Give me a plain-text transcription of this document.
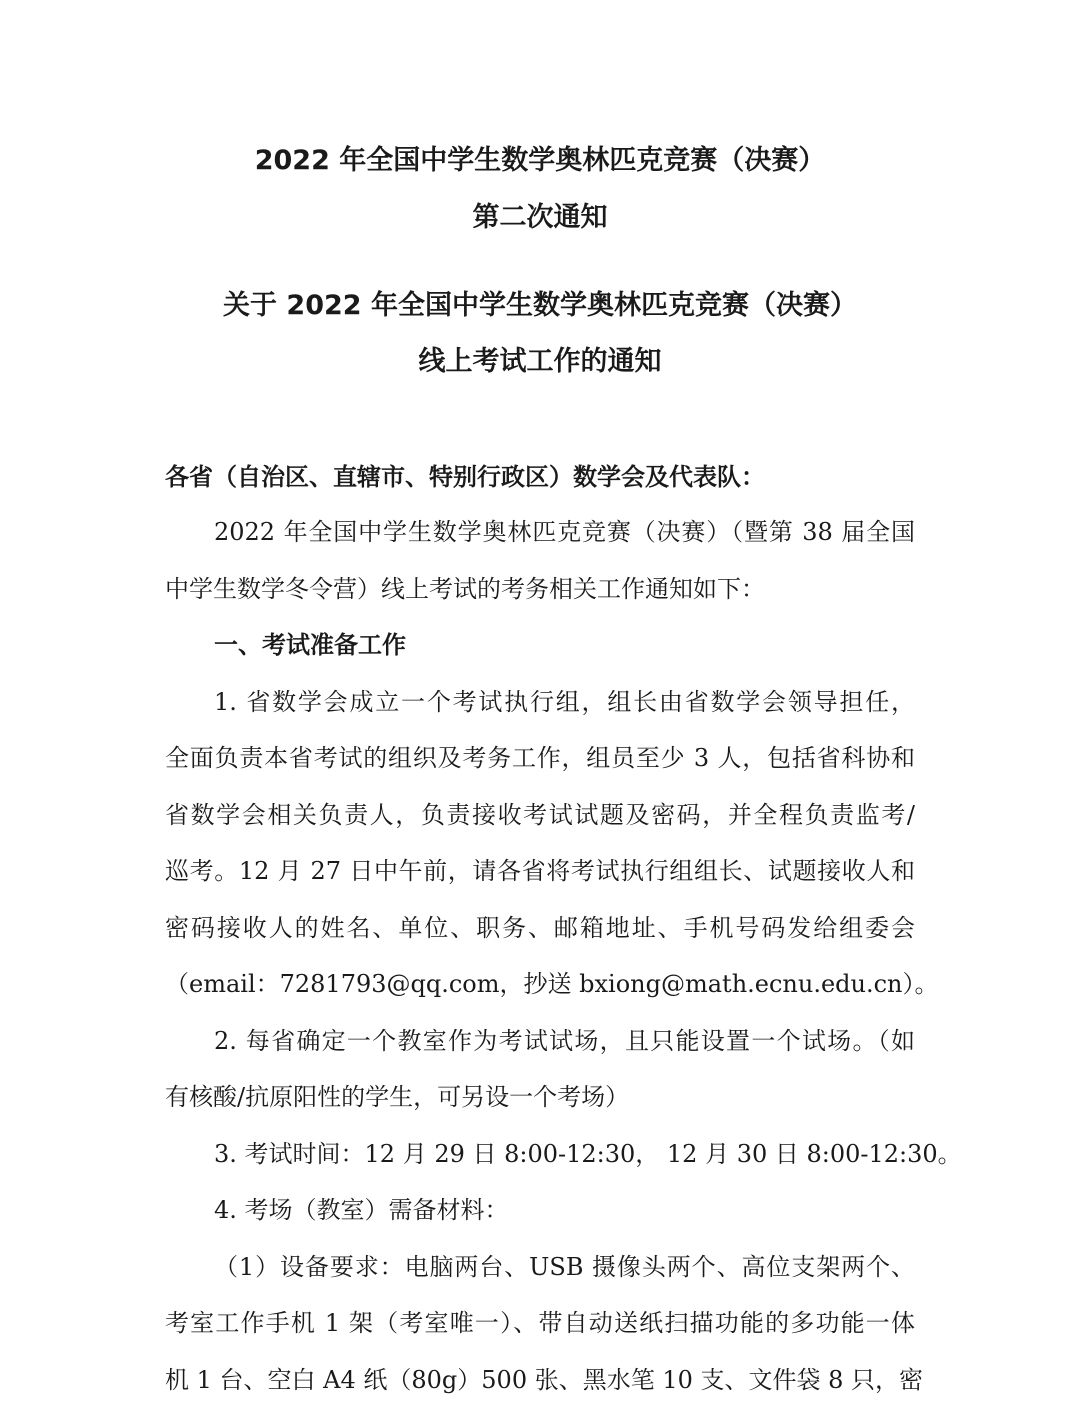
2022 年全国中学生数学奥林匹克竞赛（决赛）
第二次通知
关于 2022 年全国中学生数学奥林匹克竞赛（决赛）
线上考试工作的通知
各省（自治区、直辖市、特别行政区）数学会及代表队：
2022 年全国中学生数学奥林匹克竞赛（决赛）（暨第 38 届全国
中学生数学冬令营）线上考试的考务相关工作通知如下：
一、考试准备工作
1. 省数学会成立一个考试执行组，组长由省数学会领导担任，
全面负责本省考试的组织及考务工作，组员至少 3 人，包括省科协和
省数学会相关负责人，负责接收考试试题及密码，并全程负责监考/
巡考。12 月 27 日中午前，请各省将考试执行组组长、试题接收人和
密码接收人的姓名、单位、职务、邮箱地址、手机号码发给组委会
（email：7281793@qq.com，抄送 bxiong@math.ecnu.edu.cn）。
2. 每省确定一个教室作为考试试场，且只能设置一个试场。（如
有核酸/抗原阳性的学生，可另设一个考场）
3. 考试时间：12 月 29 日 8:00-12:30， 12 月 30 日 8:00-12:30。
4. 考场（教室）需备材料：
（1）设备要求：电脑两台、USB 摄像头两个、高位支架两个、
考室工作手机 1 架（考室唯一）、带自动送纸扫描功能的多功能一体
机 1 台、空白 A4 纸（80g）500 张、黑水笔 10 支、文件袋 8 只，密
